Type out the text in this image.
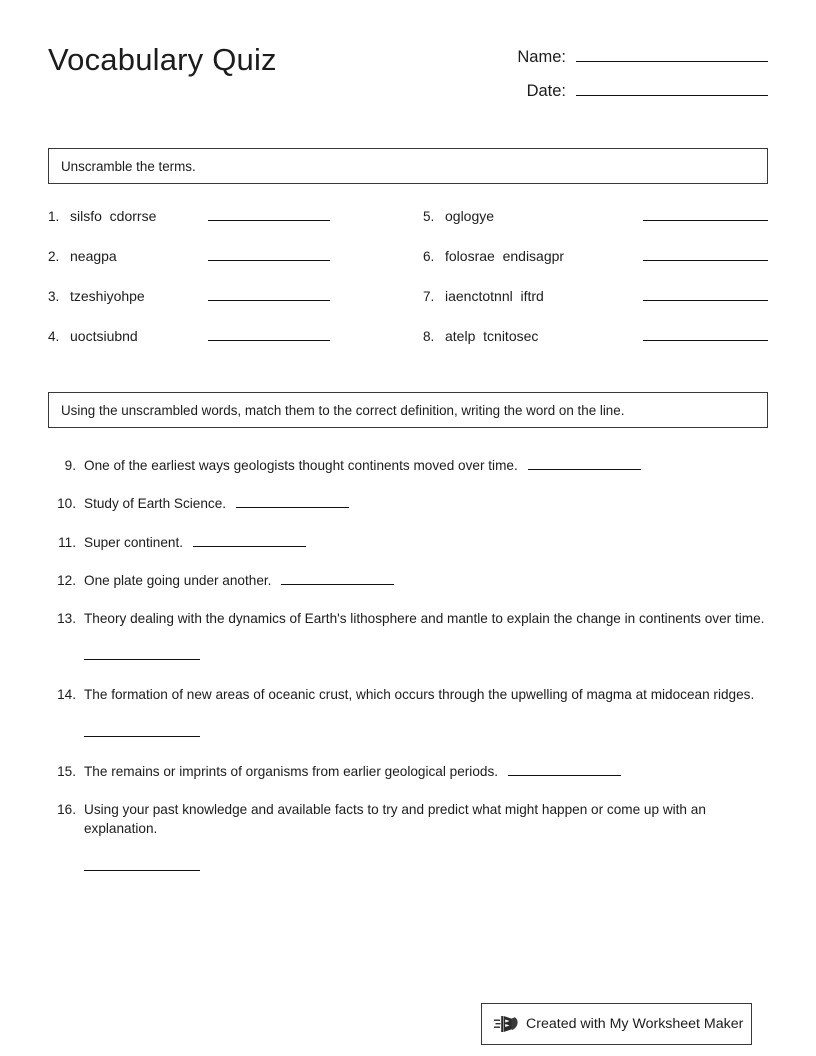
Vocabulary Quiz	Name:
Date:
Unscramble the terms.
1. silsfo  cdorrse	5. oglogye
2. neagpa	6. folosrae  endisagpr
3. tzeshiyohpe	7. iaenctotnnl  iftrd
4. uoctsiubnd	8. atelp  tcnitosec
Using the unscrambled words, match them to the correct definition, writing the word on the line.
9. One of the earliest ways geologists thought continents moved over time.
10. Study of Earth Science.
11. Super continent.
12. One plate going under another.
13. Theory dealing with the dynamics of Earth's lithosphere and mantle to explain the change in continents over time.
14. The formation of new areas of oceanic crust, which occurs through the upwelling of magma at midocean ridges.
15. The remains or imprints of organisms from earlier geological periods.
16. Using your past knowledge and available facts to try and predict what might happen or come up with an explanation.
Created with My Worksheet Maker
